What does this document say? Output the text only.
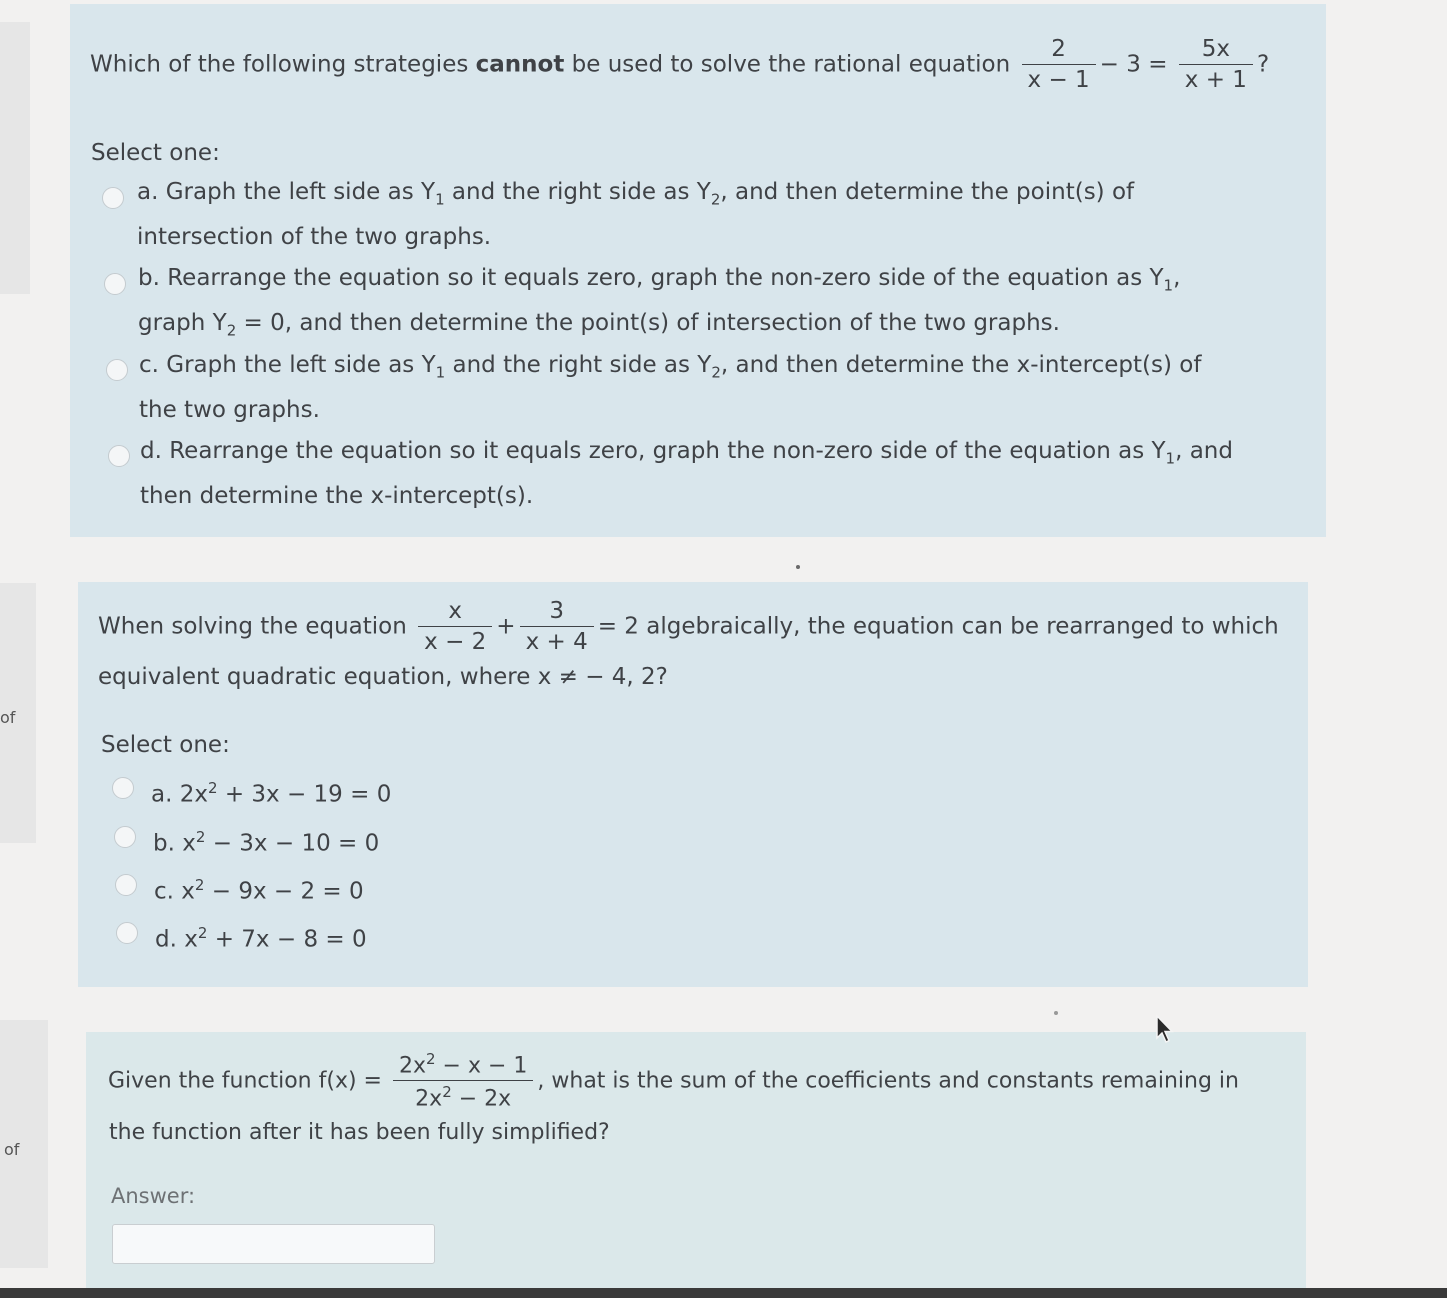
of
of
Which of the following strategies cannot be used to solve the rational equation $\frac{2}{x - 1} - 3 = \frac{5x}{x + 1}$ ?
Select one:
a. Graph the left side as $Y_1$ and the right side as $Y_2$, and then determine the point(s) of
intersection of the two graphs.
b. Rearrange the equation so it equals zero, graph the non-zero side of the equation as $Y_1$,
graph $Y_2 = 0$, and then determine the point(s) of intersection of the two graphs.
c. Graph the left side as $Y_1$ and the right side as $Y_2$, and then determine the x-intercept(s) of
the two graphs.
d. Rearrange the equation so it equals zero, graph the non-zero side of the equation as $Y_1$, and
then determine the x-intercept(s).
When solving the equation $\frac{x}{x - 2} + \frac{3}{x + 4} = 2$ algebraically, the equation can be rearranged to which
equivalent quadratic equation, where x ≠ − 4, 2?
Select one:
a. $2x^2 + 3x - 19 = 0$
b. $x^2 - 3x - 10 = 0$
c. $x^2 - 9x - 2 = 0$
d. $x^2 + 7x - 8 = 0$
Given the function $f(x) = \frac{2x^2 - x - 1}{2x^2 - 2x}$ , what is the sum of the coefficients and constants remaining in
the function after it has been fully simplified?
Answer:
